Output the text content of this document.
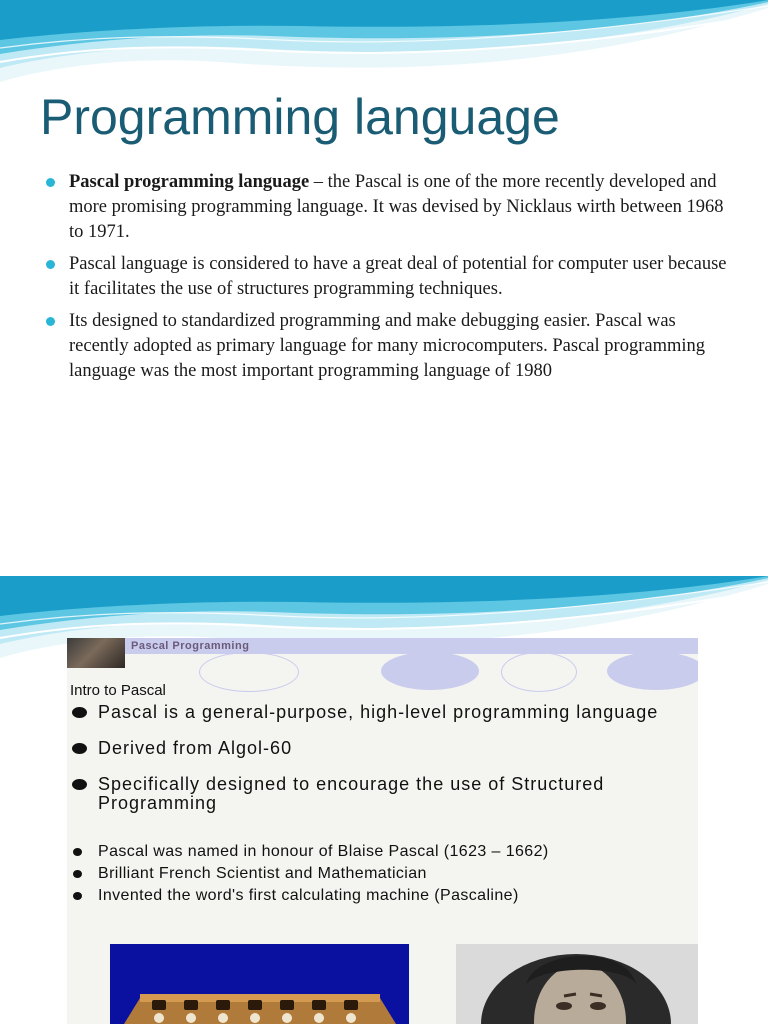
Programming language
Pascal programming language – the Pascal is one of the more recently developed and more promising programming language. It was devised by Nicklaus wirth between 1968 to 1971.
Pascal language is considered to have a great deal of potential for computer user because it facilitates the use of structures programming techniques.
Its designed to standardized programming and make debugging easier. Pascal was recently adopted as primary language for many microcomputers. Pascal programming language was the most important programming language of 1980

Pascal Programming
Intro to Pascal
Pascal is a general-purpose, high-level programming language
Derived from Algol-60
Specifically designed to encourage the use of Structured Programming
Pascal was named in honour of Blaise Pascal (1623 – 1662)
Brilliant French Scientist and Mathematician
Invented the word's first calculating machine (Pascaline)
